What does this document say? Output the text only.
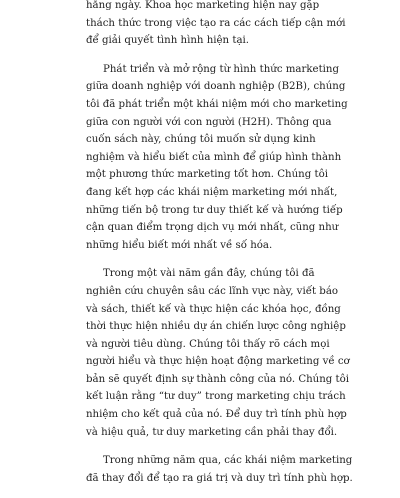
hằng ngày. Khoa học marketing hiện nay gặp
thách thức trong việc tạo ra các cách tiếp cận mới
để giải quyết tình hình hiện tại.

Phát triển và mở rộng từ hình thức marketing
giữa doanh nghiệp với doanh nghiệp (B2B), chúng
tôi đã phát triển một khái niệm mới cho marketing
giữa con người với con người (H2H). Thông qua
cuốn sách này, chúng tôi muốn sử dụng kinh
nghiệm và hiểu biết của mình để giúp hình thành
một phương thức marketing tốt hơn. Chúng tôi
đang kết hợp các khái niệm marketing mới nhất,
những tiến bộ trong tư duy thiết kế và hướng tiếp
cận quan điểm trọng dịch vụ mới nhất, cũng như
những hiểu biết mới nhất về số hóa.

Trong một vài năm gần đây, chúng tôi đã
nghiên cứu chuyên sâu các lĩnh vực này, viết báo
và sách, thiết kế và thực hiện các khóa học, đồng
thời thực hiện nhiều dự án chiến lược công nghiệp
và người tiêu dùng. Chúng tôi thấy rõ cách mọi
người hiểu và thực hiện hoạt động marketing về cơ
bản sẽ quyết định sự thành công của nó. Chúng tôi
kết luận rằng “tư duy” trong marketing chịu trách
nhiệm cho kết quả của nó. Để duy trì tính phù hợp
và hiệu quả, tư duy marketing cần phải thay đổi.

Trong những năm qua, các khái niệm marketing
đã thay đổi để tạo ra giá trị và duy trì tính phù hợp.
